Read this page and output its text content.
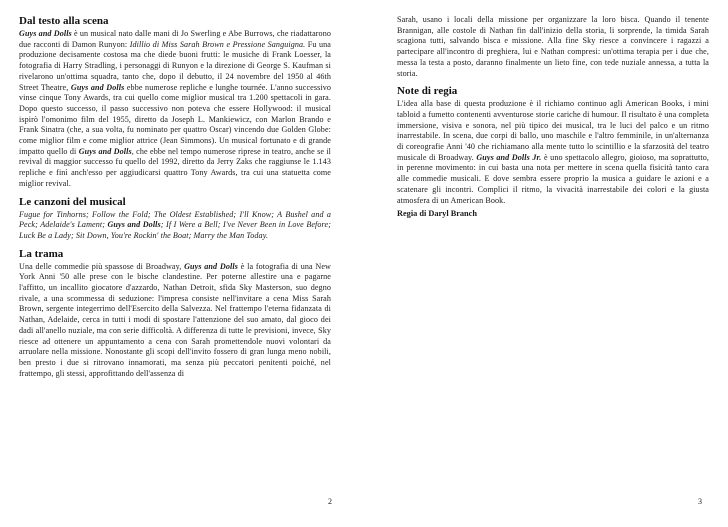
Dal testo alla scena

Guys and Dolls è un musical nato dalle mani di Jo Swerling e Abe Burrows, che riadattarono due racconti di Damon Runyon: Idillio di Miss Sarah Brown e Pressione Sanguigna. Fu una produzione decisamente costosa ma che diede buoni frutti: le musiche di Frank Loesser, la fotografia di Harry Stradling, i personaggi di Runyon e la direzione di George S. Kaufman si rivelarono un'ottima squadra, tanto che, dopo il debutto, il 24 novembre del 1950 al 46th Street Theatre, Guys and Dolls ebbe numerose repliche e lunghe tournée. L'anno successivo vinse cinque Tony Awards, tra cui quello come miglior musical tra 1.200 spettacoli in gara. Dopo questo successo, il passo successivo non poteva che essere Hollywood: il musical ispirò l'omonimo film del 1955, diretto da Joseph L. Mankiewicz, con Marlon Brando e Frank Sinatra (che, a sua volta, fu nominato per quattro Oscar) vincendo due Golden Globe: come miglior film e come miglior attrice (Jean Simmons). Un musical fortunato e di grande impatto quello di Guys and Dolls, che ebbe nel tempo numerose riprese in teatro, anche se il revival di maggior successo fu quello del 1992, diretto da Jerry Zaks che raggiunse le 1.143 repliche e finì anch'esso per aggiudicarsi quattro Tony Awards, tra cui una statuetta come miglior revival.

Le canzoni del musical

Fugue for Tinhorns; Follow the Fold; The Oldest Established; I'll Know; A Bushel and a Peck; Adelaide's Lament; Guys and Dolls; If I Were a Bell; I've Never Been in Love Before; Luck Be a Lady; Sit Down, You're Rockin' the Boat; Marry the Man Today.

La trama

Una delle commedie più spassose di Broadway, Guys and Dolls è la fotografia di una New York Anni '50 alle prese con le bische clandestine. Per poterne allestire una e pagarne l'affitto, un incallito giocatore d'azzardo, Nathan Detroit, sfida Sky Masterson, suo degno rivale, a una scommessa di seduzione: l'impresa consiste nell'invitare a cena Miss Sarah Brown, sergente integerrimo dell'Esercito della Salvezza. Nel frattempo l'eterna fidanzata di Nathan, Adelaide, cerca in tutti i modi di spostare l'attenzione del suo amato, dal gioco dei dadi all'anello nuziale, ma con serie difficoltà. A differenza di tutte le previsioni, invece, Sky riesce ad ottenere un appuntamento a cena con Sarah promettendole nuovi volontari da arruolare nella missione. Nonostante gli scopi dell'invito fossero di gran lunga meno nobili, ben presto i due si ritrovano innamorati, ma senza più peccatori penitenti poiché, nel frattempo, gli stessi, approfittando dell'assenza di

2

Sarah, usano i locali della missione per organizzare la loro bisca. Quando il tenente Brannigan, alle costole di Nathan fin dall'inizio della storia, li sorprende, la timida Sarah scagiona tutti, salvando bisca e missione. Alla fine Sky riesce a convincere i ragazzi a partecipare all'incontro di preghiera, lui e Nathan compresi: un'ottima terapia per i due che, messa la testa a posto, daranno finalmente un lieto fine, con tede nuziale annessa, a tutta la storia.

Note di regia

L'idea alla base di questa produzione è il richiamo continuo agli American Books, i mini tabloid a fumetto contenenti avventurose storie cariche di humour. Il risultato è una completa immersione, visiva e sonora, nel più tipico dei musical, tra le luci del palco e un ritmo inarrestabile. In scena, due corpi di ballo, uno maschile e l'altro femminile, in un'alternanza di coreografie Anni '40 che richiamano alla mente tutto lo scintillio e la sfarzosità del teatro musicale di Broadway. Guys and Dolls Jr. è uno spettacolo allegro, gioioso, ma soprattutto, in perenne movimento: in cui basta una nota per mettere in scena quella fisicità tanto cara alle commedie musicali. E dove sembra essere proprio la musica a guidare le azioni e a scatenare gli incontri. Complici il ritmo, la vivacità inarrestabile dei colori e la giusta atmosfera di un American Book.

Regia di Daryl Branch
3
